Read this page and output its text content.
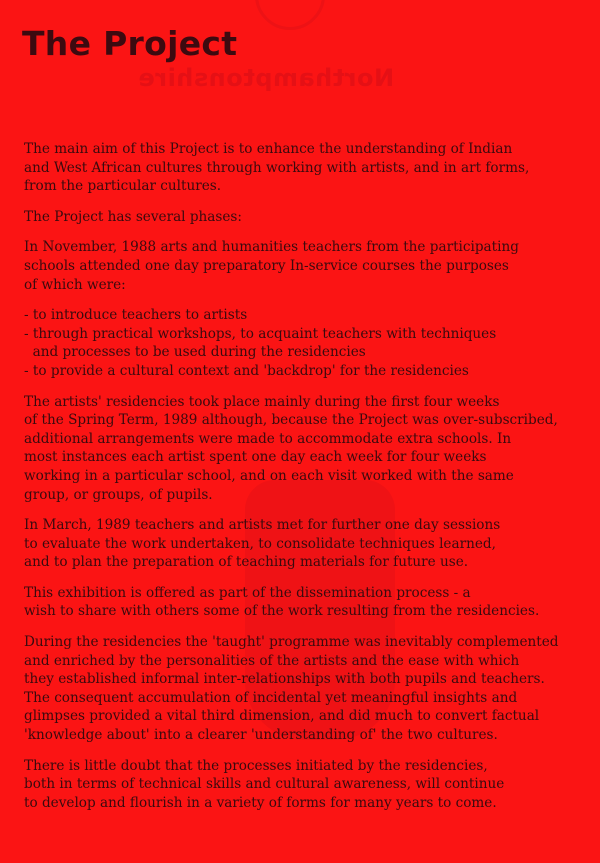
Northamptonshire
The Project

The main aim of this Project is to enhance the understanding of Indian
and West African cultures through working with artists, and in art forms,
from the particular cultures.

The Project has several phases:

In November, 1988 arts and humanities teachers from the participating
schools attended one day preparatory In-service courses the purposes
of which were:

- to introduce teachers to artists
- through practical workshops, to acquaint teachers with techniques
and processes to be used during the residencies
- to provide a cultural context and 'backdrop' for the residencies

The artists' residencies took place mainly during the first four weeks
of the Spring Term, 1989 although, because the Project was over-subscribed,
additional arrangements were made to accommodate extra schools. In
most instances each artist spent one day each week for four weeks
working in a particular school, and on each visit worked with the same
group, or groups, of pupils.

In March, 1989 teachers and artists met for further one day sessions
to evaluate the work undertaken, to consolidate techniques learned,
and to plan the preparation of teaching materials for future use.

This exhibition is offered as part of the dissemination process - a
wish to share with others some of the work resulting from the residencies.

During the residencies the 'taught' programme was inevitably complemented
and enriched by the personalities of the artists and the ease with which
they established informal inter-relationships with both pupils and teachers.
The consequent accumulation of incidental yet meaningful insights and
glimpses provided a vital third dimension, and did much to convert factual
'knowledge about' into a clearer 'understanding of' the two cultures.

There is little doubt that the processes initiated by the residencies,
both in terms of technical skills and cultural awareness, will continue
to develop and flourish in a variety of forms for many years to come.
